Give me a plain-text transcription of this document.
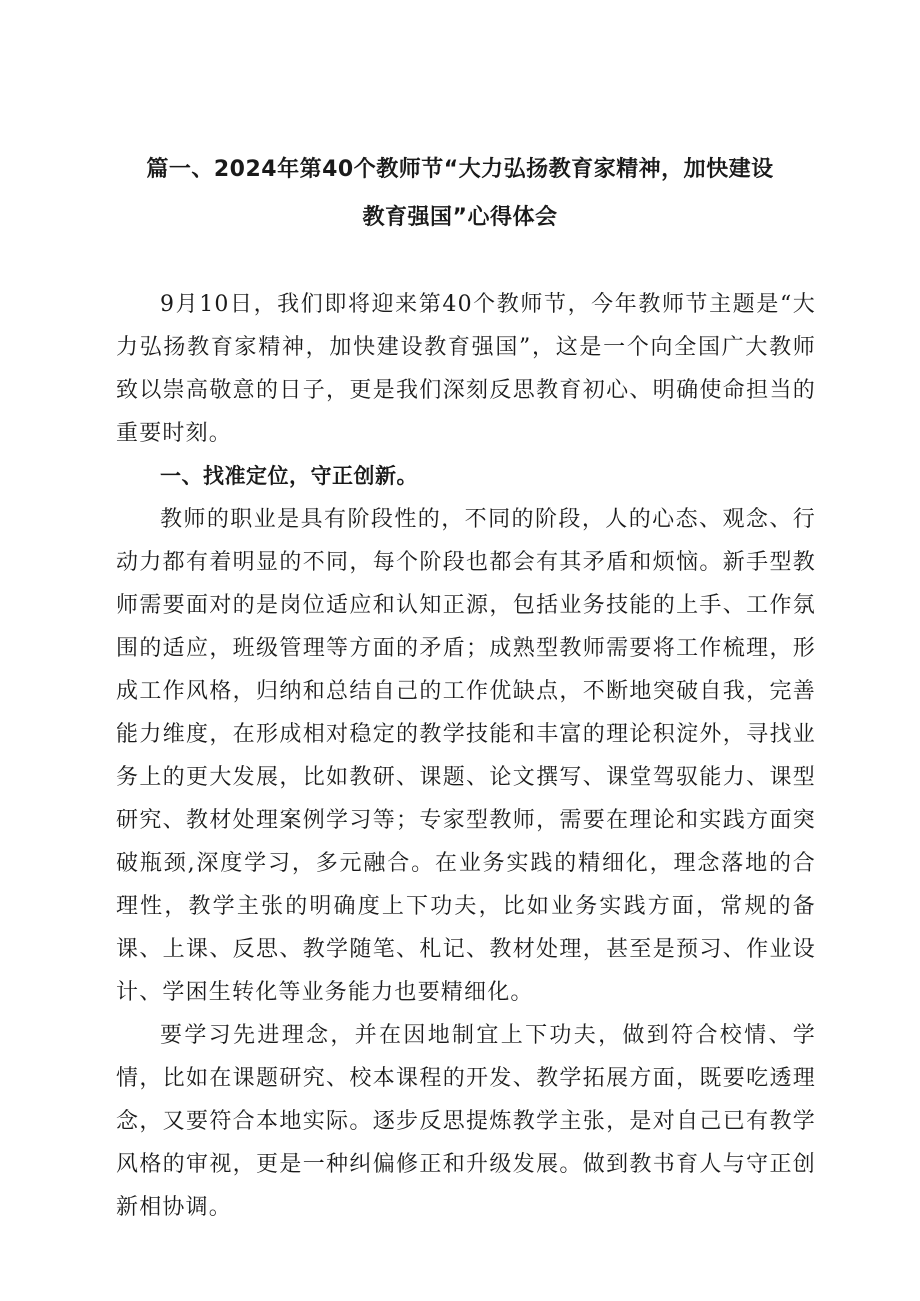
篇一、2024年第40个教师节“大力弘扬教育家精神，加快建设
教育强国”心得体会

9月10日，我们即将迎来第40个教师节，今年教师节主题是“大力弘扬教育家精神，加快建设教育强国”，这是一个向全国广大教师致以崇高敬意的日子，更是我们深刻反思教育初心、明确使命担当的重要时刻。

一、找准定位，守正创新。

教师的职业是具有阶段性的，不同的阶段，人的心态、观念、行动力都有着明显的不同，每个阶段也都会有其矛盾和烦恼。新手型教师需要面对的是岗位适应和认知正源，包括业务技能的上手、工作氛围的适应，班级管理等方面的矛盾；成熟型教师需要将工作梳理，形成工作风格，归纳和总结自己的工作优缺点，不断地突破自我，完善能力维度，在形成相对稳定的教学技能和丰富的理论积淀外，寻找业务上的更大发展，比如教研、课题、论文撰写、课堂驾驭能力、课型研究、教材处理案例学习等；专家型教师，需要在理论和实践方面突破瓶颈,深度学习，多元融合。在业务实践的精细化，理念落地的合理性，教学主张的明确度上下功夫，比如业务实践方面，常规的备课、上课、反思、教学随笔、札记、教材处理，甚至是预习、作业设计、学困生转化等业务能力也要精细化。

要学习先进理念，并在因地制宜上下功夫，做到符合校情、学情，比如在课题研究、校本课程的开发、教学拓展方面，既要吃透理念，又要符合本地实际。逐步反思提炼教学主张，是对自己已有教学风格的审视，更是一种纠偏修正和升级发展。做到教书育人与守正创新相协调。
